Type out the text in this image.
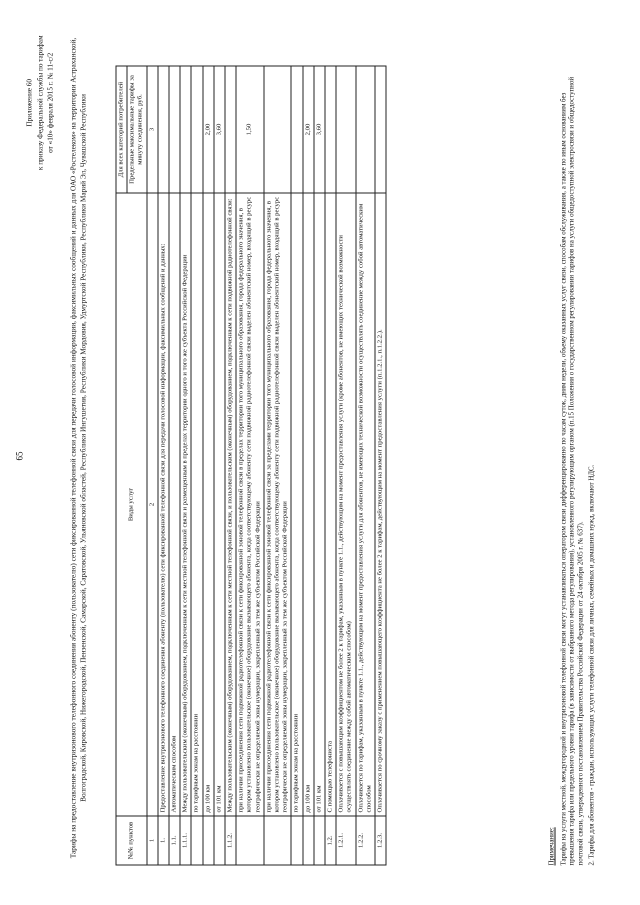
65
Приложение 60 к приказу Федеральной службы по тарифам от «10» февраля 2015 г. № 11-с/2 Тарифы на предоставление внутризонового телефонного соединения абоненту (пользователю) сети фиксированной телефонной связи для передачи голосовой информации, факсимильных сообщений и данных для ОАО «Ростелеком» на территории Астраханской, Волгоградской, Кировской, Нижегородской, Пензенской, Самарской, Саратовской, Ульяновской областей, Республики Ингушетия, Республики Мордовия, Удмуртской Республики, Республики Марий Эл, Чувашской Республики
№№ пунктов	Виды услуг	Для всех категорий потребителей
		Предельные максимальные тарифы за минуту соединения, руб.
1	2	3
1.	Предоставление внутризонового телефонного соединения абоненту (пользователю) сети фиксированной телефонной связи для передачи голосовой информации, факсимильных сообщений и данных:	
1.1.	Автоматическим способом	
1.1.1.	Между пользовательским (оконечным) оборудованием, подключенным к сети местной телефонной связи и размещенным в пределах территории одного и того же субъекта Российской Федерации	
	по тарифным зонам на расстоянии	
	до 100 км	2,00
	от 101 км	3,60
1.1.2.	Между пользовательским (оконечным) оборудованием, подключенным к сети местной телефонной связи, и пользовательским (оконечным) оборудованием, подключенным к сети подвижной радиотелефонной связи:	
	при наличии присоединения сети подвижной радиотелефонной связи к сети фиксированной зоновой телефонной связи в пределах территории того муниципального образования, города федерального значения, в котором установлено пользовательское (оконечное) оборудование вызывающего абонента, когда соответствующему абоненту сети подвижной радиотелефонной связи выделен абонентский номер, входящий в ресурс географически не определяемой зоны нумерации, закрепленный за тем же субъектом Российской Федерации	1,50
	при наличии присоединения сети подвижной радиотелефонной связи к сети фиксированной зоновой телефонной связи за пределами территории того муниципального образования, города федерального значения, в котором установлено пользовательское (оконечное) оборудование вызывающего абонента, когда соответствующему абоненту сети подвижной радиотелефонной связи выделен абонентский номер, входящий в ресурс географически не определяемой зоны нумерации, закрепленный за тем же субъектом Российской Федерации	
	по тарифным зонам на расстоянии	
	до 100 км	2,00
	от 101 км	3,60
1.2.	С помощью телефониста	
1.2.1.	Оплачивается с повышающим коэффициентом не более 2 к тарифам, указанным в пункте 1.1., действующим на момент предоставления услуги (кроме абонентов, не имеющих технической возможности осуществлять соединение между собой автоматическим способом)	
1.2.2.	Оплачивается по тарифам, указанным в пункте 1.1., действующим на момент предоставления услуги для абонентов, не имеющих технической возможности осуществлять соединение между собой автоматическим способом	
1.2.3.	Оплачивается по срочному заказу с применением повышающего коэффициента не более 2 к тарифам, действующим на момент предоставления услуги (п.1.2.1., п.1.2.2.).	

Примечание: Тарифы на услуги местной, междугородной и внутризоновой телефонной связи могут устанавливаться оператором связи дифференцированно по часам суток, дням недели, объему оказанных услуг связи, способам обслуживания, а также по иным основаниям без превышения тарифа или предельного уровня тарифа (в зависимости от выбранного метода регулирования), установленного регулирующим органом (п.15 Положения о государственном регулировании тарифов на услуги общедоступной электросвязи и общедоступной почтовой связи, утвержденного постановлением Правительства Российской Федерации от 24 октября 2005 г. № 637). 2. Тарифы для абонентов - граждан, использующих услуги телефонной связи для личных, семейных и домашних нужд, включают НДС.
